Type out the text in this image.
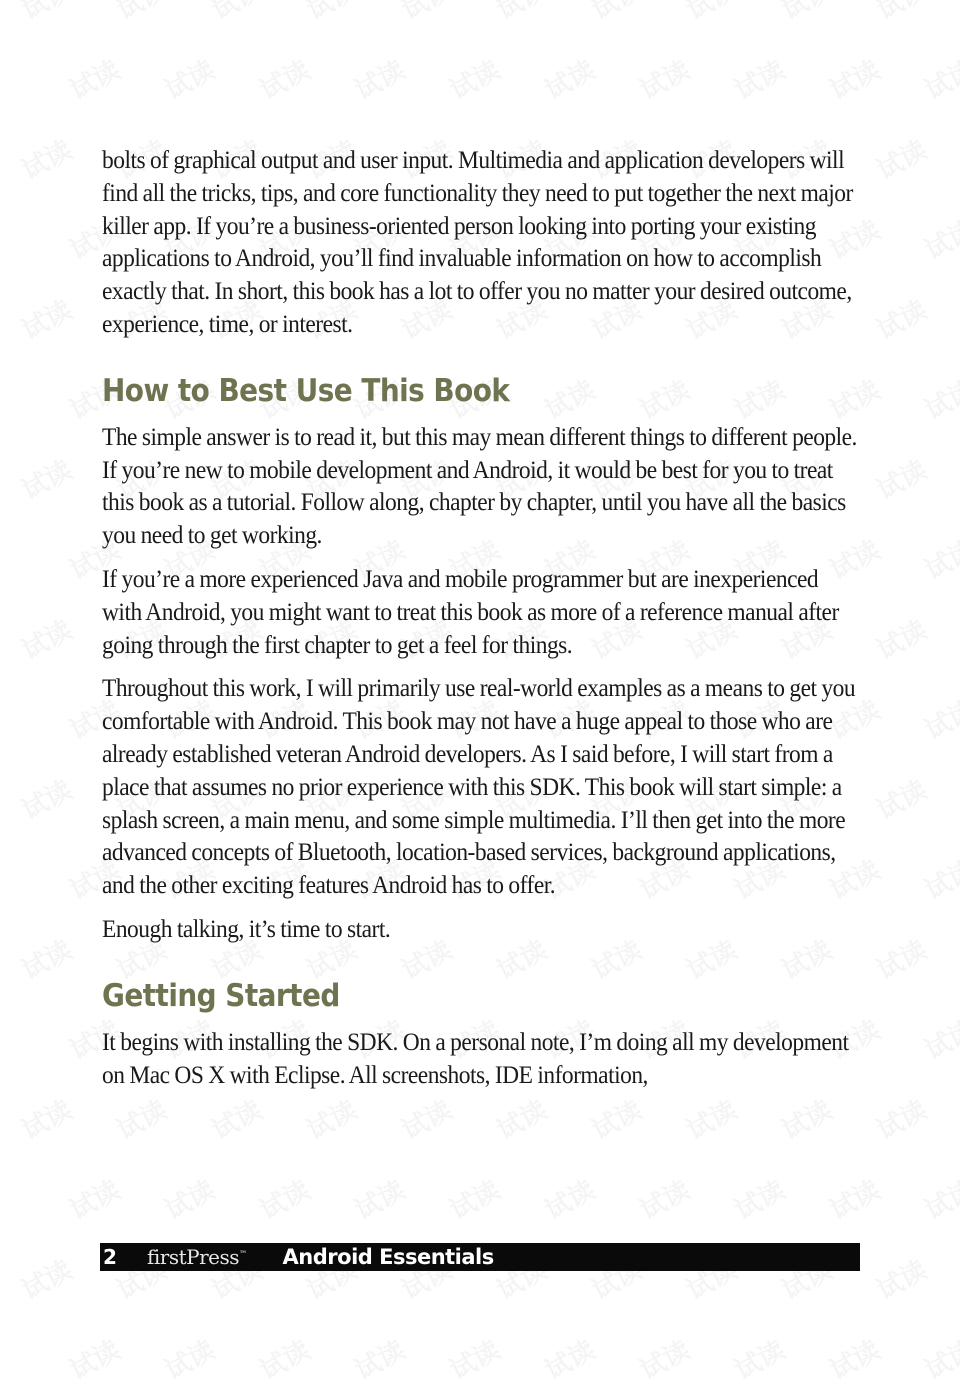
bolts of graphical output and user input. Multimedia and application developers will find all the tricks, tips, and core functionality they need to put together the next major killer app. If you’re a business-oriented person looking into porting your existing applications to Android, you’ll find invaluable information on how to accomplish exactly that. In short, this book has a lot to offer you no matter your desired outcome, experience, time, or interest.

How to Best Use This Book

The simple answer is to read it, but this may mean different things to different people. If you’re new to mobile development and Android, it would be best for you to treat this book as a tutorial. Follow along, chapter by chapter, until you have all the basics you need to get working.

If you’re a more experienced Java and mobile programmer but are inexperienced with Android, you might want to treat this book as more of a reference manual after going through the first chapter to get a feel for things.

Throughout this work, I will primarily use real-world examples as a means to get you comfortable with Android. This book may not have a huge appeal to those who are already established veteran Android developers. As I said before, I will start from a place that assumes no prior experience with this SDK. This book will start simple: a splash screen, a main menu, and some simple multimedia. I’ll then get into the more advanced concepts of Bluetooth, location-based services, background applications, and the other exciting features Android has to offer.

Enough talking, it’s time to start.

Getting Started

It begins with installing the SDK. On a personal note, I’m doing all my development on Mac OS X with Eclipse. All screenshots, IDE information,

2	firstPress™ Android Essentials
